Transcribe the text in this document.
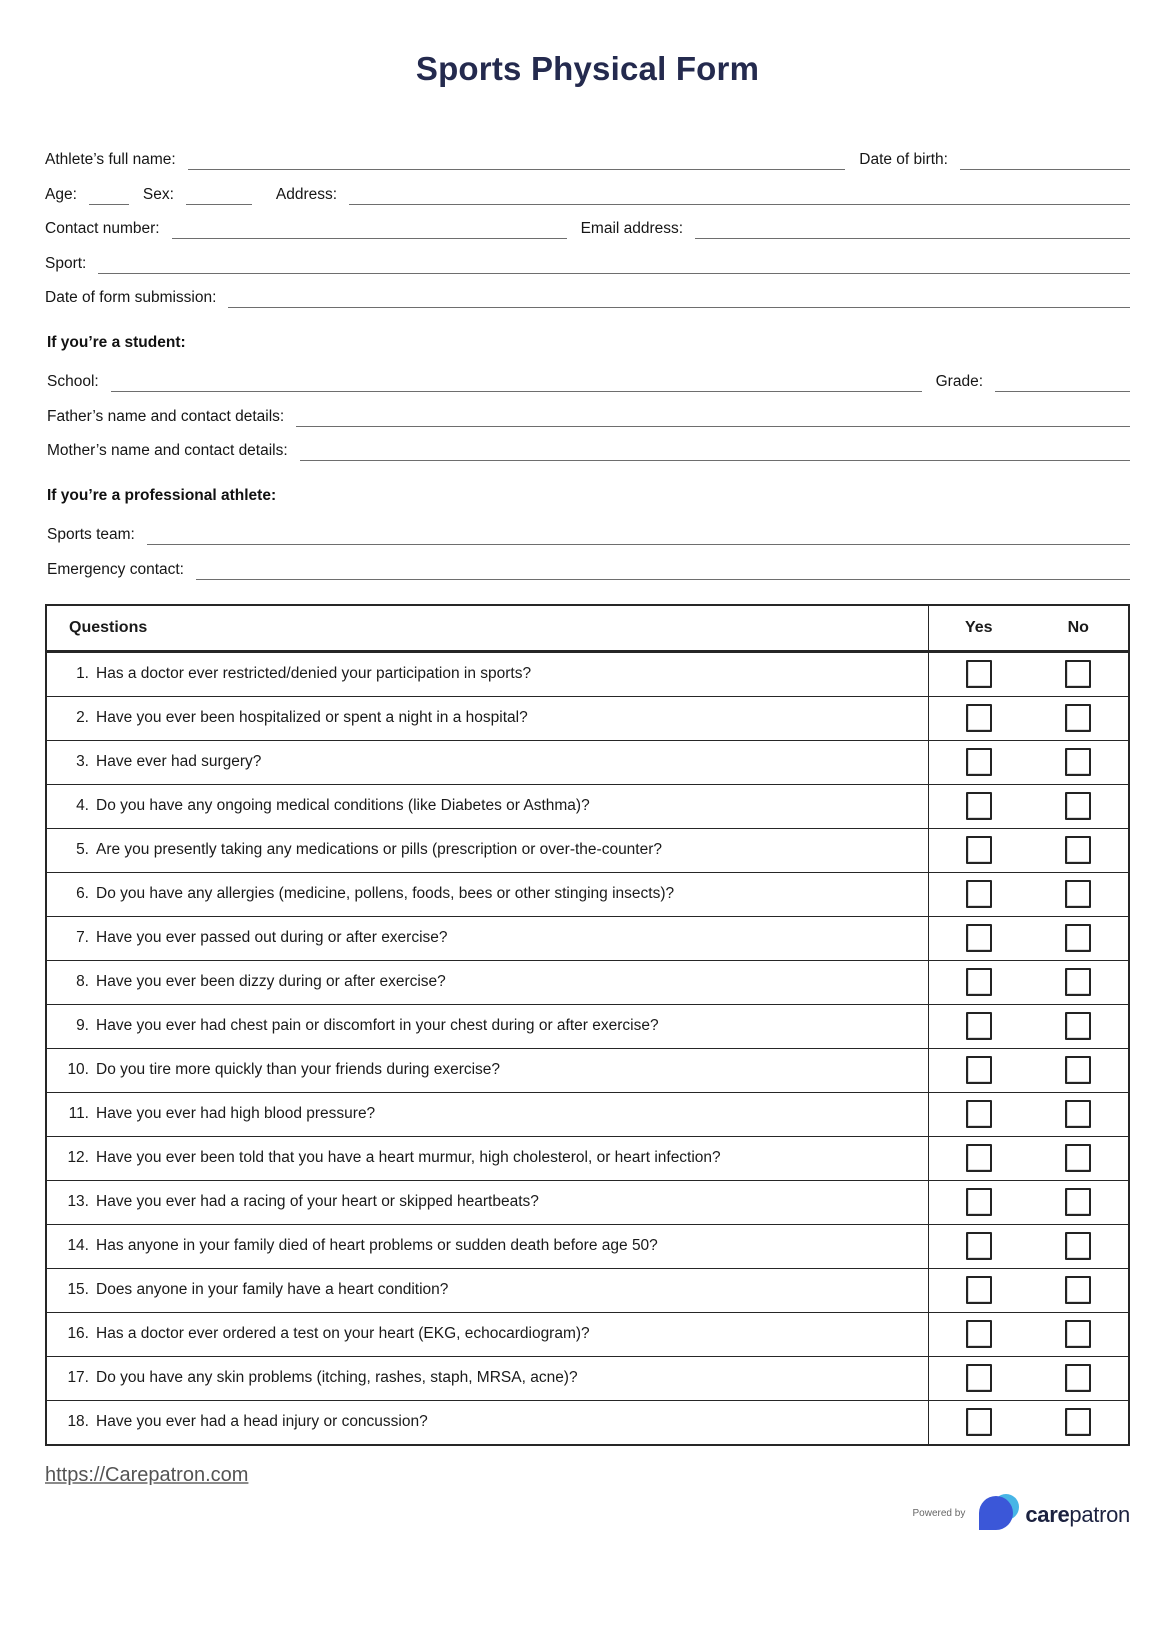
Sports Physical Form
Athlete’s full name:	Date of birth:
Age:	Sex:	Address:
Contact number:	Email address:
Sport:
Date of form submission:
If you’re a student:
School:	Grade:
Father’s name and contact details:
Mother’s name and contact details:
If you’re a professional athlete:
Sports team:
Emergency contact:
Questions	Yes	No
1. Has a doctor ever restricted/denied your participation in sports?
2. Have you ever been hospitalized or spent a night in a hospital?
3. Have ever had surgery?
4. Do you have any ongoing medical conditions (like Diabetes or Asthma)?
5. Are you presently taking any medications or pills (prescription or over-the-counter?
6. Do you have any allergies (medicine, pollens, foods, bees or other stinging insects)?
7. Have you ever passed out during or after exercise?
8. Have you ever been dizzy during or after exercise?
9. Have you ever had chest pain or discomfort in your chest during or after exercise?
10. Do you tire more quickly than your friends during exercise?
11. Have you ever had high blood pressure?
12. Have you ever been told that you have a heart murmur, high cholesterol, or heart infection?
13. Have you ever had a racing of your heart or skipped heartbeats?
14. Has anyone in your family died of heart problems or sudden death before age 50?
15. Does anyone in your family have a heart condition?
16. Has a doctor ever ordered a test on your heart (EKG, echocardiogram)?
17. Do you have any skin problems (itching, rashes, staph, MRSA, acne)?
18. Have you ever had a head injury or concussion?
https://Carepatron.com
Powered by	carepatron
